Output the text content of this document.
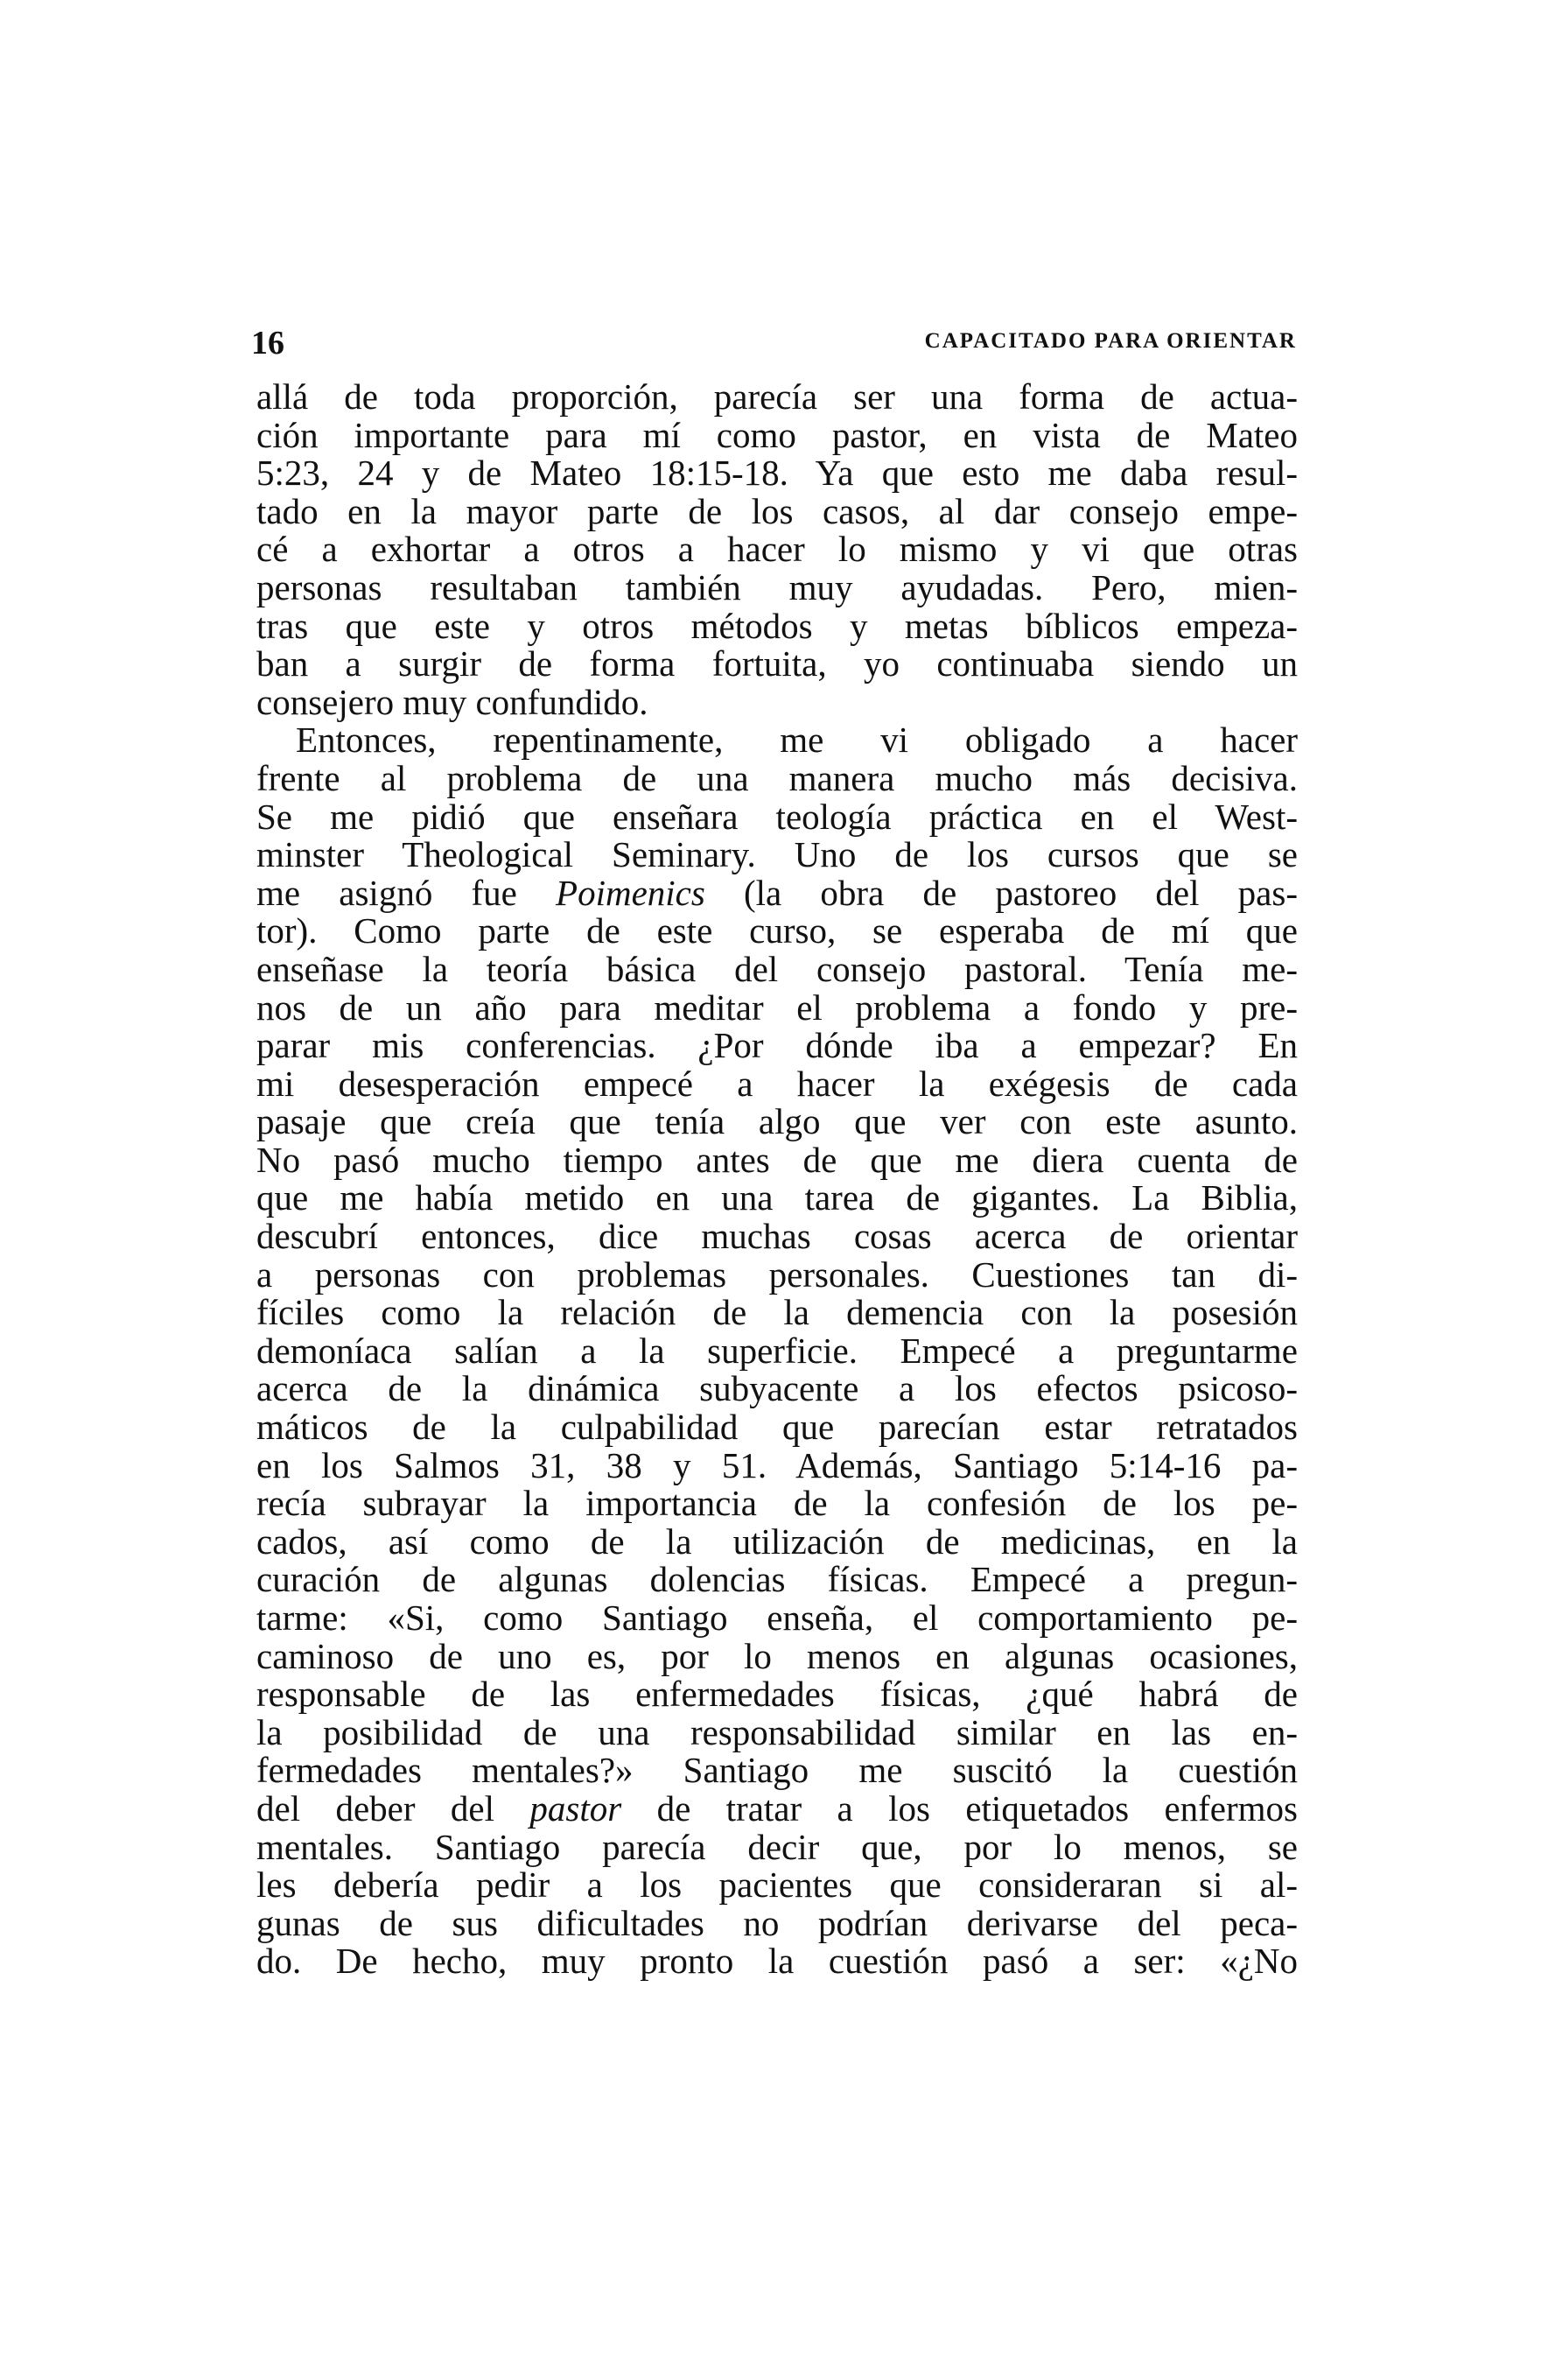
16	CAPACITADO PARA ORIENTAR
allá de toda proporción, parecía ser una forma de actua-
ción importante para mí como pastor, en vista de Mateo
5:23, 24 y de Mateo 18:15-18. Ya que esto me daba resul-
tado en la mayor parte de los casos, al dar consejo empe-
cé a exhortar a otros a hacer lo mismo y vi que otras
personas resultaban también muy ayudadas. Pero, mien-
tras que este y otros métodos y metas bíblicos empeza-
ban a surgir de forma fortuita, yo continuaba siendo un
consejero muy confundido.
Entonces, repentinamente, me vi obligado a hacer
frente al problema de una manera mucho más decisiva.
Se me pidió que enseñara teología práctica en el West-
minster Theological Seminary. Uno de los cursos que se
me asignó fue Poimenics (la obra de pastoreo del pas-
tor). Como parte de este curso, se esperaba de mí que
enseñase la teoría básica del consejo pastoral. Tenía me-
nos de un año para meditar el problema a fondo y pre-
parar mis conferencias. ¿Por dónde iba a empezar? En
mi desesperación empecé a hacer la exégesis de cada
pasaje que creía que tenía algo que ver con este asunto.
No pasó mucho tiempo antes de que me diera cuenta de
que me había metido en una tarea de gigantes. La Biblia,
descubrí entonces, dice muchas cosas acerca de orientar
a personas con problemas personales. Cuestiones tan di-
fíciles como la relación de la demencia con la posesión
demoníaca salían a la superficie. Empecé a preguntarme
acerca de la dinámica subyacente a los efectos psicoso-
máticos de la culpabilidad que parecían estar retratados
en los Salmos 31, 38 y 51. Además, Santiago 5:14-16 pa-
recía subrayar la importancia de la confesión de los pe-
cados, así como de la utilización de medicinas, en la
curación de algunas dolencias físicas. Empecé a pregun-
tarme: «Si, como Santiago enseña, el comportamiento pe-
caminoso de uno es, por lo menos en algunas ocasiones,
responsable de las enfermedades físicas, ¿qué habrá de
la posibilidad de una responsabilidad similar en las en-
fermedades mentales?» Santiago me suscitó la cuestión
del deber del pastor de tratar a los etiquetados enfermos
mentales. Santiago parecía decir que, por lo menos, se
les debería pedir a los pacientes que consideraran si al-
gunas de sus dificultades no podrían derivarse del peca-
do. De hecho, muy pronto la cuestión pasó a ser: «¿No
